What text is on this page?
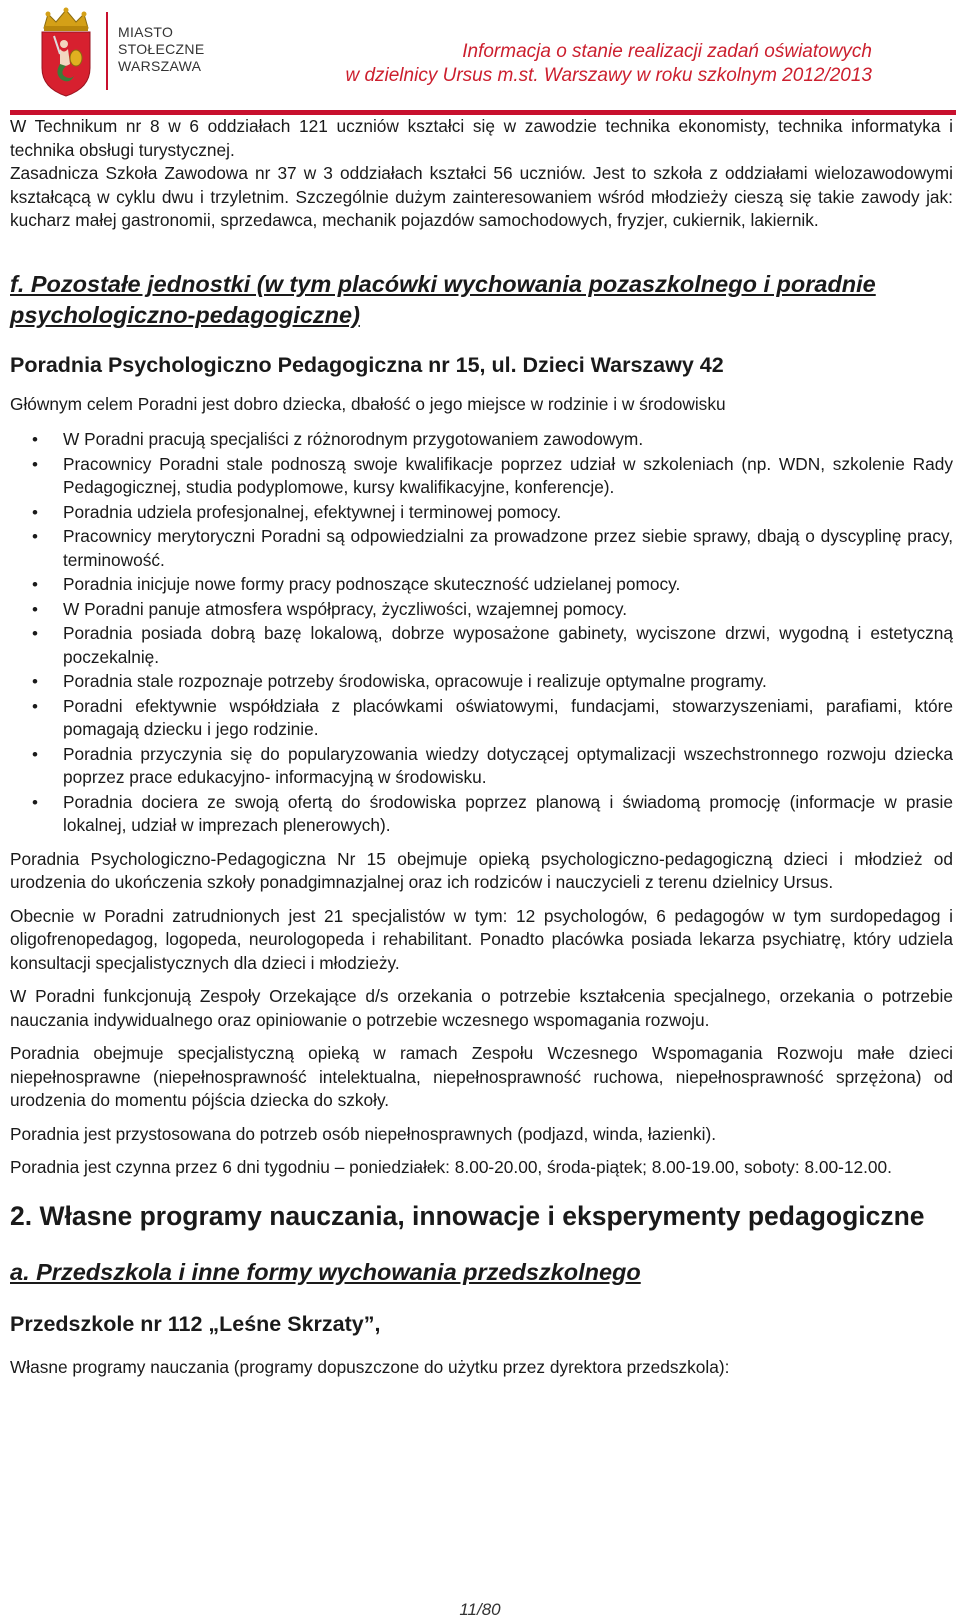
MIASTO
STOŁECZNE
WARSZAWA
Informacja o stanie realizacji zadań oświatowych
w dzielnicy Ursus m.st. Warszawy w roku szkolnym 2012/2013

W Technikum nr 8 w 6 oddziałach 121 uczniów kształci się w zawodzie technika ekonomisty, technika informatyka i technika obsługi turystycznej.

Zasadnicza Szkoła Zawodowa nr 37 w 3 oddziałach kształci 56 uczniów. Jest to szkoła z oddziałami wielozawodowymi kształcącą w cyklu dwu i trzyletnim. Szczególnie dużym zainteresowaniem wśród młodzieży cieszą się takie zawody jak: kucharz małej gastronomii, sprzedawca, mechanik pojazdów samochodowych, fryzjer, cukiernik, lakiernik.

f. Pozostałe jednostki (w tym placówki wychowania pozaszkolnego i poradnie psychologiczno-pedagogiczne)
Poradnia Psychologiczno Pedagogiczna nr 15, ul. Dzieci Warszawy 42

Głównym celem Poradni jest dobro dziecka, dbałość o jego miejsce w rodzinie i w środowisku

• W Poradni pracują specjaliści z różnorodnym przygotowaniem zawodowym.
• Pracownicy Poradni stale podnoszą swoje kwalifikacje poprzez udział w szkoleniach (np. WDN, szkolenie Rady Pedagogicznej, studia podyplomowe, kursy kwalifikacyjne, konferencje).
• Poradnia udziela profesjonalnej, efektywnej i terminowej pomocy.
• Pracownicy merytoryczni Poradni są odpowiedzialni za prowadzone przez siebie sprawy, dbają o dyscyplinę pracy, terminowość.
• Poradnia inicjuje nowe formy pracy podnoszące skuteczność udzielanej pomocy.
• W Poradni panuje atmosfera współpracy, życzliwości, wzajemnej pomocy.
• Poradnia posiada dobrą bazę lokalową, dobrze wyposażone gabinety, wyciszone drzwi, wygodną i estetyczną poczekalnię.
• Poradnia stale rozpoznaje potrzeby środowiska, opracowuje i realizuje optymalne programy.
• Poradni efektywnie współdziała z placówkami oświatowymi, fundacjami, stowarzyszeniami, parafiami, które pomagają dziecku i jego rodzinie.
• Poradnia przyczynia się do popularyzowania wiedzy dotyczącej optymalizacji wszechstronnego rozwoju dziecka poprzez prace edukacyjno- informacyjną w środowisku.
• Poradnia dociera ze swoją ofertą do środowiska poprzez planową i świadomą promocję (informacje w prasie lokalnej, udział w imprezach plenerowych).

Poradnia Psychologiczno-Pedagogiczna Nr 15 obejmuje opieką psychologiczno-pedagogiczną dzieci i młodzież od urodzenia do ukończenia szkoły ponadgimnazjalnej oraz ich rodziców i nauczycieli z terenu dzielnicy Ursus.

Obecnie w Poradni zatrudnionych jest 21 specjalistów w tym: 12 psychologów, 6 pedagogów w tym surdopedagog i oligofrenopedagog, logopeda, neurologopeda i rehabilitant. Ponadto placówka posiada lekarza psychiatrę, który udziela konsultacji specjalistycznych dla dzieci i młodzieży.

W Poradni funkcjonują Zespoły Orzekające d/s orzekania o potrzebie kształcenia specjalnego, orzekania o potrzebie nauczania indywidualnego oraz opiniowanie o potrzebie wczesnego wspomagania rozwoju.

Poradnia obejmuje specjalistyczną opieką w ramach Zespołu Wczesnego Wspomagania Rozwoju małe dzieci niepełnosprawne (niepełnosprawność intelektualna, niepełnosprawność ruchowa, niepełnosprawność sprzężona) od urodzenia do momentu pójścia dziecka do szkoły.

Poradnia jest przystosowana do potrzeb osób niepełnosprawnych (podjazd, winda, łazienki).

Poradnia jest czynna przez 6 dni tygodniu – poniedziałek: 8.00-20.00, środa-piątek; 8.00-19.00, soboty: 8.00-12.00.

2. Własne programy nauczania, innowacje i eksperymenty pedagogiczne
a. Przedszkola i inne formy wychowania przedszkolnego
Przedszkole nr 112 „Leśne Skrzaty”,

Własne programy nauczania (programy dopuszczone do użytku przez dyrektora przedszkola):

11/80
